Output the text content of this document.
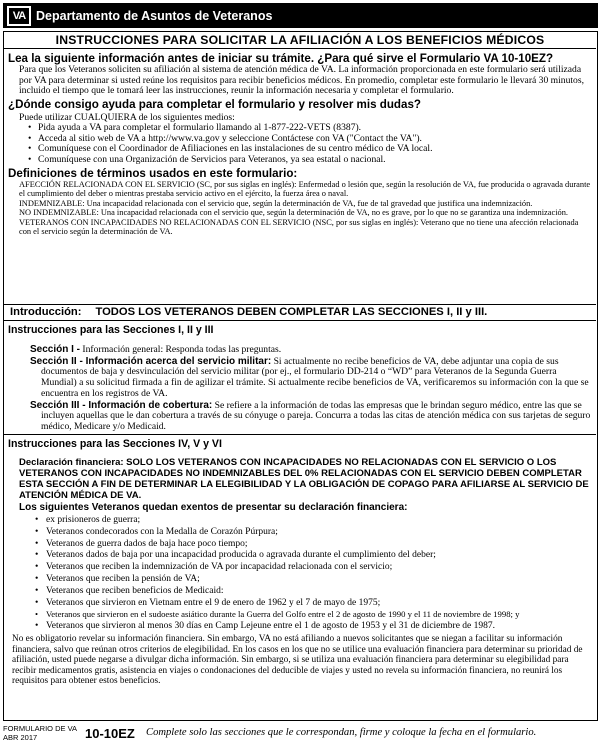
VA Departamento de Asuntos de Veteranos
INSTRUCCIONES PARA SOLICITAR LA AFILIACIÓN A LOS BENEFICIOS MÉDICOS
Lea la siguiente información antes de iniciar su trámite. ¿Para qué sirve el Formulario VA 10-10EZ?

Para que los Veteranos soliciten su afiliación al sistema de atención médica de VA. La información proporcionada en este formulario será utilizada por VA para determinar si usted reúne los requisitos para recibir beneficios médicos. En promedio, completar este formulario le llevará 30 minutos, incluido el tiempo que le tomará leer las instrucciones, reunir la información necesaria y completar el formulario.

¿Dónde consigo ayuda para completar el formulario y resolver mis dudas?

Puede utilizar CUALQUIERA de los siguientes medios:

• Pida ayuda a VA para completar el formulario llamando al 1-877-222-VETS (8387).
• Acceda al sitio web de VA a http://www.va.gov y seleccione Contáctese con VA ("Contact the VA").
• Comuníquese con el Coordinador de Afiliaciones en las instalaciones de su centro médico de VA local.
• Comuníquese con una Organización de Servicios para Veteranos, ya sea estatal o nacional.
Definiciones de términos usados en este formulario:

AFECCIÓN RELACIONADA CON EL SERVICIO (SC, por sus siglas en inglés): Enfermedad o lesión que, según la resolución de VA, fue producida o agravada durante el cumplimiento del deber o mientras prestaba servicio activo en el ejército, la fuerza área o naval.

INDEMNIZABLE: Una incapacidad relacionada con el servicio que, según la determinación de VA, fue de tal gravedad que justifica una indemnización.

NO INDEMNIZABLE: Una incapacidad relacionada con el servicio que, según la determinación de VA, no es grave, por lo que no se garantiza una indemnización.

VETERANOS CON INCAPACIDADES NO RELACIONADAS CON EL SERVICIO (NSC, por sus siglas en inglés): Veterano que no tiene una afección relacionada con el servicio según la determinación de VA.

Introducción: TODOS LOS VETERANOS DEBEN COMPLETAR LAS SECCIONES I, II y III.
Instrucciones para las Secciones I, II y III

Sección I - Información general: Responda todas las preguntas.

Sección II - Información acerca del servicio militar: Si actualmente no recibe beneficios de VA, debe adjuntar una copia de sus documentos de baja y desvinculación del servicio militar (por ej., el formulario DD-214 o “WD” para Veteranos de la Segunda Guerra Mundial) a su solicitud firmada a fin de agilizar el trámite. Si actualmente recibe beneficios de VA, verificaremos su información con la que se encuentra en los registros de VA.

Sección III - Información de cobertura: Se refiere a la información de todas las empresas que le brindan seguro médico, entre las que se incluyen aquellas que le dan cobertura a través de su cónyuge o pareja. Concurra a todas las citas de atención médica con sus tarjetas de seguro médico, Medicare y/o Medicaid.

Instrucciones para las Secciones IV, V y VI

Declaración financiera: SOLO LOS VETERANOS CON INCAPACIDADES NO RELACIONADAS CON EL SERVICIO O LOS VETERANOS CON INCAPACIDADES NO INDEMNIZABLES DEL 0% RELACIONADAS CON EL SERVICIO DEBEN COMPLETAR ESTA SECCIÓN A FIN DE DETERMINAR LA ELEGIBILIDAD Y LA OBLIGACIÓN DE COPAGO PARA AFILIARSE AL SERVICIO DE ATENCIÓN MÉDICA DE VA.

Los siguientes Veteranos quedan exentos de presentar su declaración financiera:

• ex prisioneros de guerra;
• Veteranos condecorados con la Medalla de Corazón Púrpura;
• Veteranos de guerra dados de baja hace poco tiempo;
• Veteranos dados de baja por una incapacidad producida o agravada durante el cumplimiento del deber;
• Veteranos que reciben la indemnización de VA por incapacidad relacionada con el servicio;
• Veteranos que reciben la pensión de VA;
• Veteranos que reciben beneficios de Medicaid:
• Veteranos que sirvieron en Vietnam entre el 9 de enero de 1962 y el 7 de mayo de 1975;
• Veteranos que sirvieron en el sudoeste asiático durante la Guerra del Golfo entre el 2 de agosto de 1990 y el 11 de noviembre de 1998; y
• Veteranos que sirvieron al menos 30 días en Camp Lejeune entre el 1 de agosto de 1953 y el 31 de diciembre de 1987.

No es obligatorio revelar su información financiera. Sin embargo, VA no está afiliando a nuevos solicitantes que se niegan a facilitar su información financiera, salvo que reúnan otros criterios de elegibilidad. En los casos en los que no se utilice una evaluación financiera para determinar su prioridad de afiliación, usted puede negarse a divulgar dicha información. Sin embargo, si se utiliza una evaluación financiera para determinar su elegibilidad para recibir medicamentos gratis, asistencia en viajes o condonaciones del deducible de viajes y usted no revela su información financiera, no reunirá los requisitos para obtener estos beneficios.

FORMULARIO DE VA
ABR 2017	10-10EZ Complete solo las secciones que le correspondan, firme y coloque la fecha en el formulario.
